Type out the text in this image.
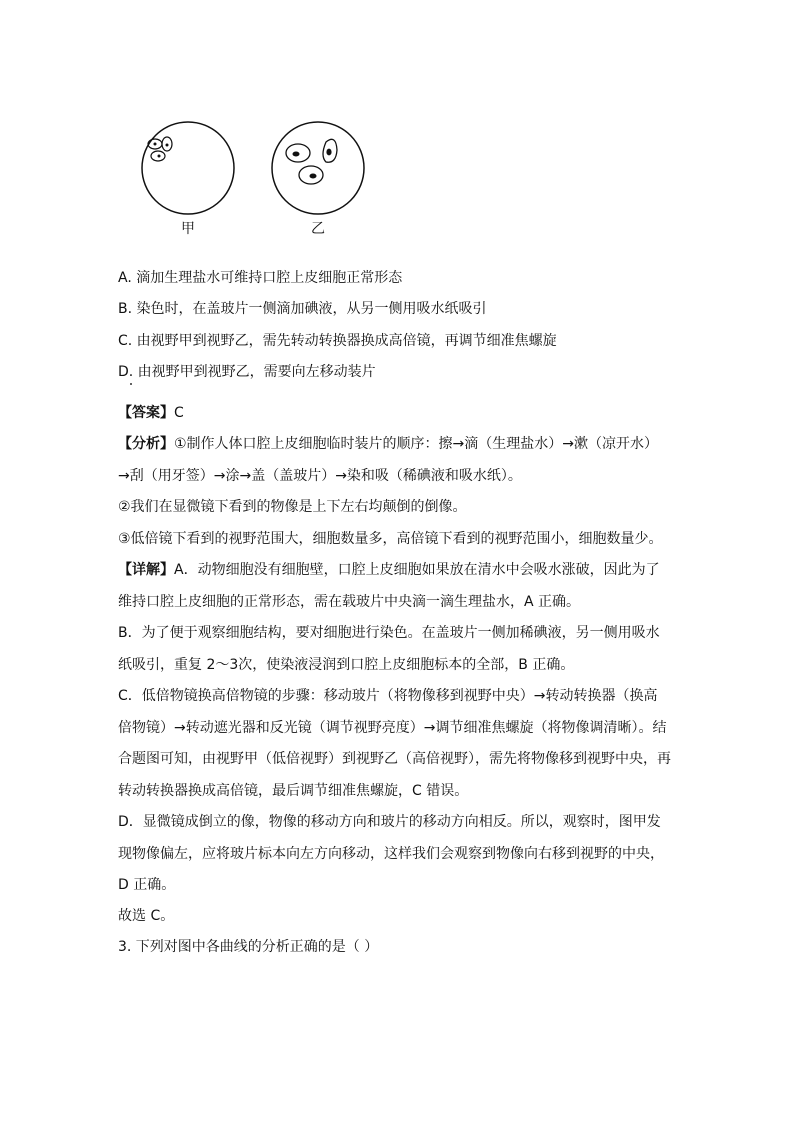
甲	乙
A. 滴加生理盐水可维持口腔上皮细胞正常形态
B. 染色时，在盖玻片一侧滴加碘液，从另一侧用吸水纸吸引
C. 由视野甲到视野乙，需先转动转换器换成高倍镜，再调节细准焦螺旋
D. 由视野甲到视野乙，需要向左移动装片
【答案】C
【分析】①制作人体口腔上皮细胞临时装片的顺序：擦→滴（生理盐水）→漱（凉开水）
→刮（用牙签）→涂→盖（盖玻片）→染和吸（稀碘液和吸水纸）。
②我们在显微镜下看到的物像是上下左右均颠倒的倒像。
③低倍镜下看到的视野范围大，细胞数量多，高倍镜下看到的视野范围小，细胞数量少。
【详解】A．动物细胞没有细胞壁，口腔上皮细胞如果放在清水中会吸水涨破，因此为了
维持口腔上皮细胞的正常形态，需在载玻片中央滴一滴生理盐水，A 正确。
B．为了便于观察细胞结构，要对细胞进行染色。在盖玻片一侧加稀碘液，另一侧用吸水
纸吸引，重复 2～3次，使染液浸润到口腔上皮细胞标本的全部，B 正确。
C．低倍物镜换高倍物镜的步骤：移动玻片（将物像移到视野中央）→转动转换器（换高
倍物镜）→转动遮光器和反光镜（调节视野亮度）→调节细准焦螺旋（将物像调清晰）。结
合题图可知，由视野甲（低倍视野）到视野乙（高倍视野），需先将物像移到视野中央，再
转动转换器换成高倍镜，最后调节细准焦螺旋，C 错误。
D．显微镜成倒立的像，物像的移动方向和玻片的移动方向相反。所以，观察时，图甲发
现物像偏左，应将玻片标本向左方向移动，这样我们会观察到物像向右移到视野的中央，
D 正确。
故选 C。
3. 下列对图中各曲线的分析正确的是（ ）
